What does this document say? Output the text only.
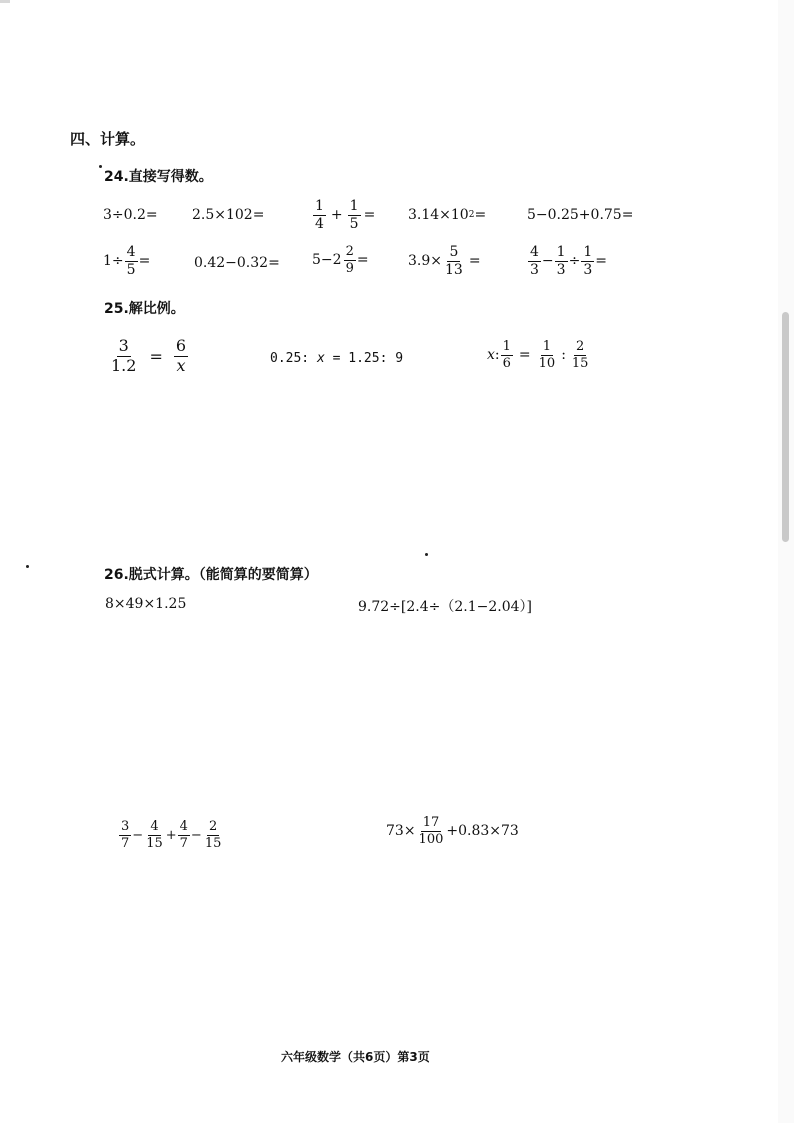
四、计算。
24.直接写得数。
3÷0.2= 2.5×102=	$\frac{1}{4} + \frac{1}{5} = 3.14\times 10$ 2 =	5−0.25+0.75=
$1\div \frac{4}{5}$ =	$0.42-0.32= 5- 2 \frac{2}{9}$ =	$3.9\times \frac{5}{13}$ =	$\frac{4}{3} - \frac{1}{3} \div \frac{1}{3}$ =
25.解比例。
$\frac{3}{1.2} = \frac{6}{x}$	0.25: x = 1.25: 9	x : $\frac{1}{6} = \frac{1}{10}$ : $\frac{2}{15}$
26.脱式计算。（能简算的要简算）
8×49×1.25	9.72÷[2.4÷（2.1−2.04）]
$\frac{3}{7} - \frac{4}{15} + \frac{4}{7} - \frac{2}{15}$	$73\times \frac{17}{100} +0.83\times 73$
六年级数学（共6页）第3页
